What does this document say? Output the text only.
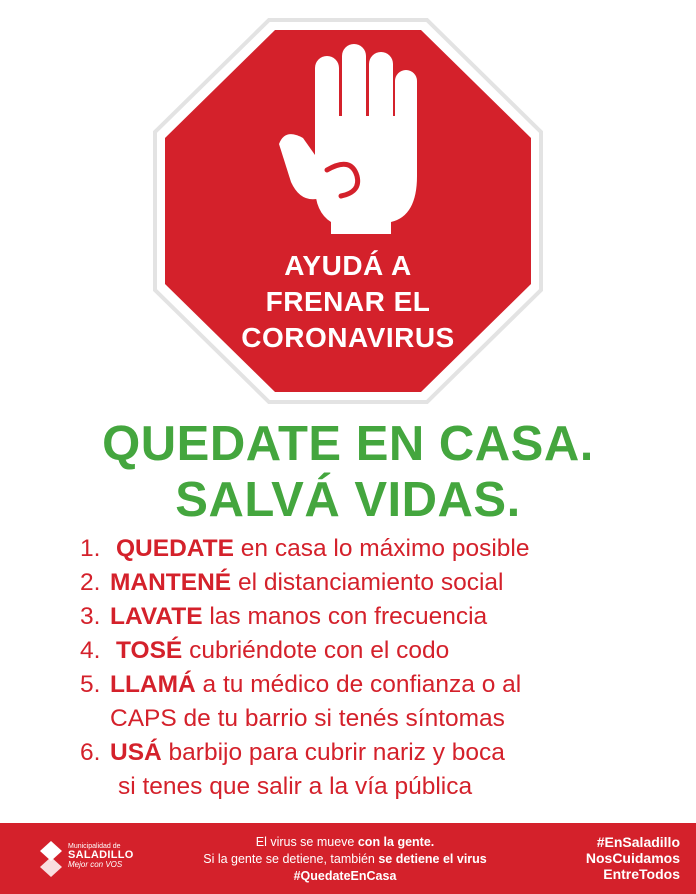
AYUDÁ A
FRENAR EL
CORONAVIRUS
QUEDATE EN CASA.
SALVÁ VIDAS.
1. QUEDATE en casa lo máximo posible
2. MANTENÉ el distanciamiento social
3. LAVATE las manos con frecuencia
4. TOSÉ cubriéndote con el codo
5. LLAMÁ a tu médico de confianza o al
CAPS de tu barrio si tenés síntomas
6. USÁ barbijo para cubrir nariz y boca
si tenes que salir a la vía pública
Municipalidad de
SALADILLO
Mejor con VOS
El virus se mueve con la gente.
Si la gente se detiene, también se detiene el virus
#QuedateEnCasa
#EnSaladillo
NosCuidamos
EntreTodos
